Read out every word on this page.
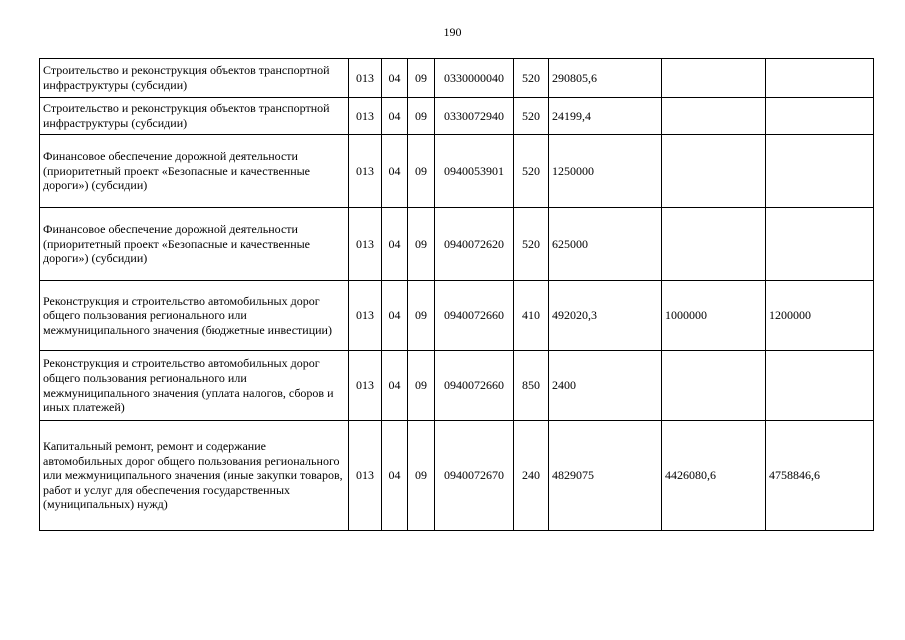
190
Строительство и реконструкция объектов транспортной инфраструктуры (субсидии)	013	04	09	0330000040	520	290805,6		
Строительство и реконструкция объектов транспортной инфраструктуры (субсидии)	013	04	09	0330072940	520	24199,4		
Финансовое обеспечение дорожной деятельности (приоритетный проект «Безопасные и качественные дороги») (субсидии)	013	04	09	0940053901	520	1250000		
Финансовое обеспечение дорожной деятельности (приоритетный проект «Безопасные и качественные дороги») (субсидии)	013	04	09	0940072620	520	625000		
Реконструкция и строительство автомобильных дорог общего пользования регионального или межмуниципального значения (бюджетные инвестиции)	013	04	09	0940072660	410	492020,3	1000000	1200000
Реконструкция и строительство автомобильных дорог общего пользования регионального или межмуниципального значения (уплата налогов, сборов и иных платежей)	013	04	09	0940072660	850	2400		
Капитальный ремонт, ремонт и содержание автомобильных дорог общего пользования регионального или межмуниципального значения (иные закупки товаров, работ и услуг для обеспечения государственных (муниципальных) нужд)	013	04	09	0940072670	240	4829075	4426080,6	4758846,6
